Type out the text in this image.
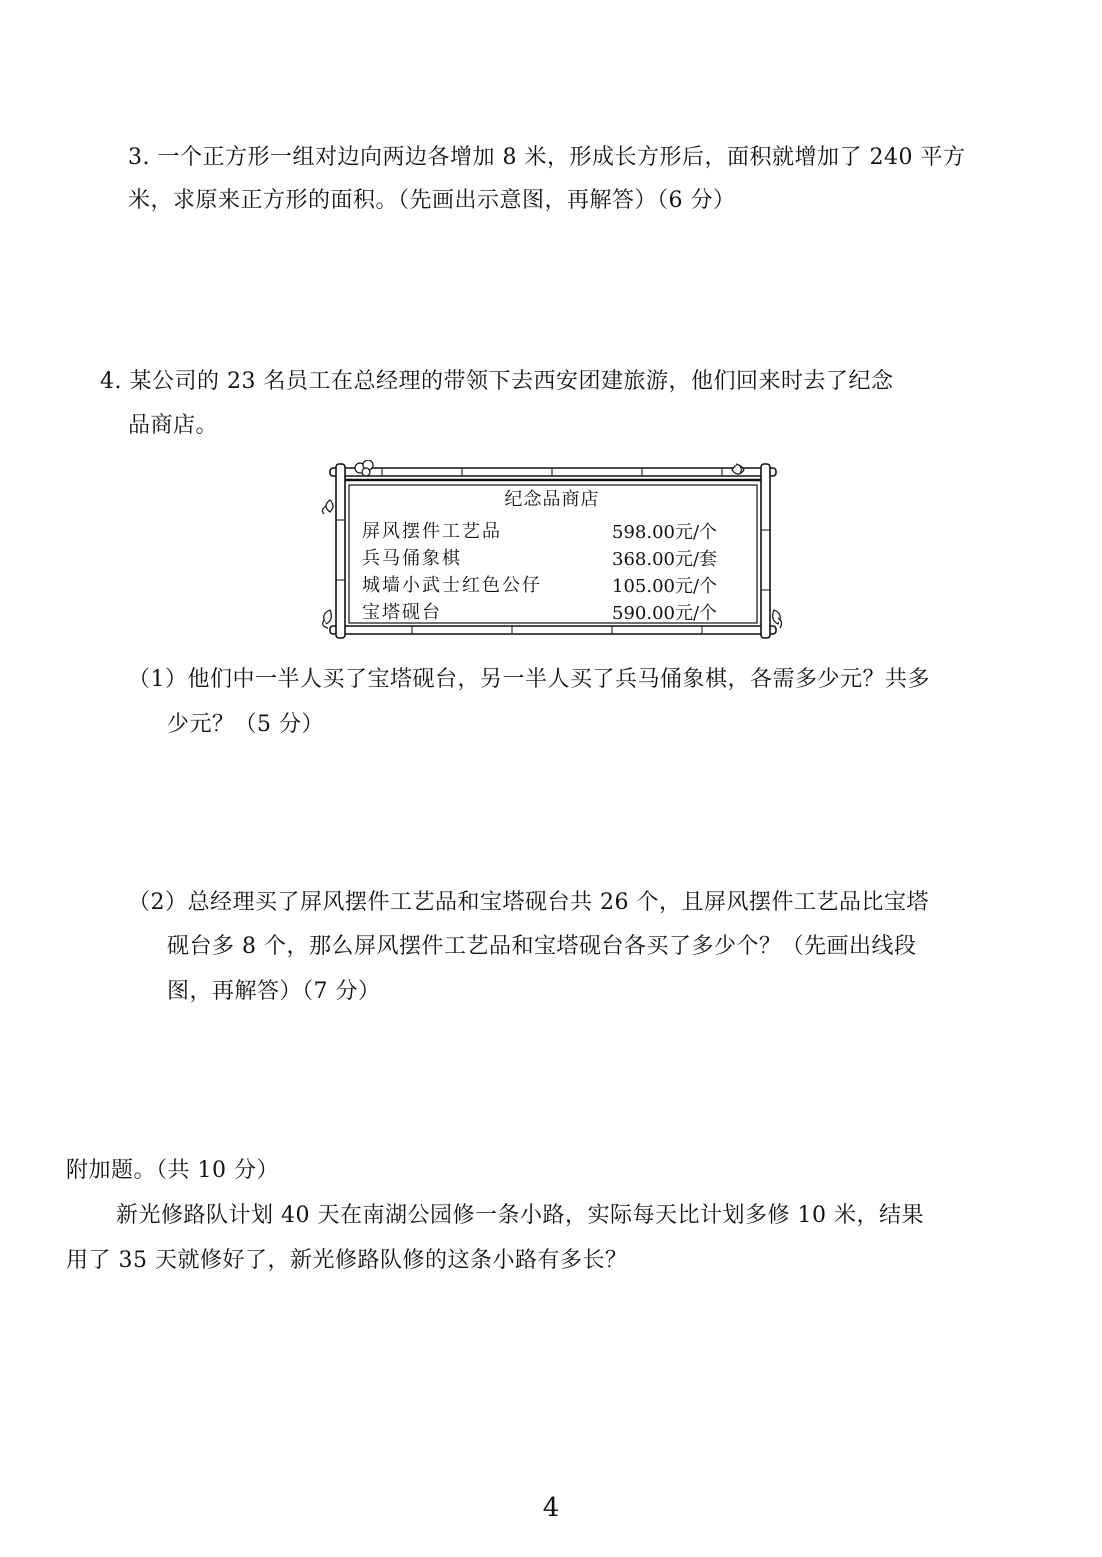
3. 一个正方形一组对边向两边各增加 8 米，形成长方形后，面积就增加了 240 平方
米，求原来正方形的面积。（先画出示意图，再解答）（6 分）
4. 某公司的 23 名员工在总经理的带领下去西安团建旅游，他们回来时去了纪念
品商店。
纪念品商店
屏风摆件工艺品	598.00元/个
兵马俑象棋	368.00元/套
城墙小武士红色公仔	105.00元/个
宝塔砚台	590.00元/个
（1）他们中一半人买了宝塔砚台，另一半人买了兵马俑象棋，各需多少元？共多
少元？（5 分）
（2）总经理买了屏风摆件工艺品和宝塔砚台共 26 个，且屏风摆件工艺品比宝塔
砚台多 8 个，那么屏风摆件工艺品和宝塔砚台各买了多少个？（先画出线段
图，再解答）（7 分）
附加题。（共 10 分）
新光修路队计划 40 天在南湖公园修一条小路，实际每天比计划多修 10 米，结果
用了 35 天就修好了，新光修路队修的这条小路有多长？
4
